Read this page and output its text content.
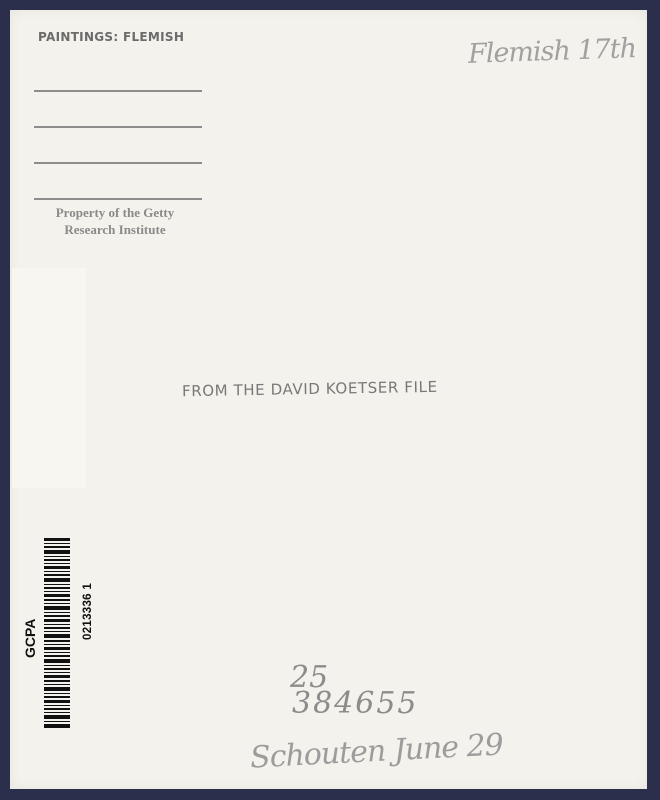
PAINTINGS: FLEMISH	Flemish 17th
Property of the Getty
Research Institute
GCPA	0213336 1
FROM THE DAVID KOETSER FILE
25
384655
Schouten June 29
